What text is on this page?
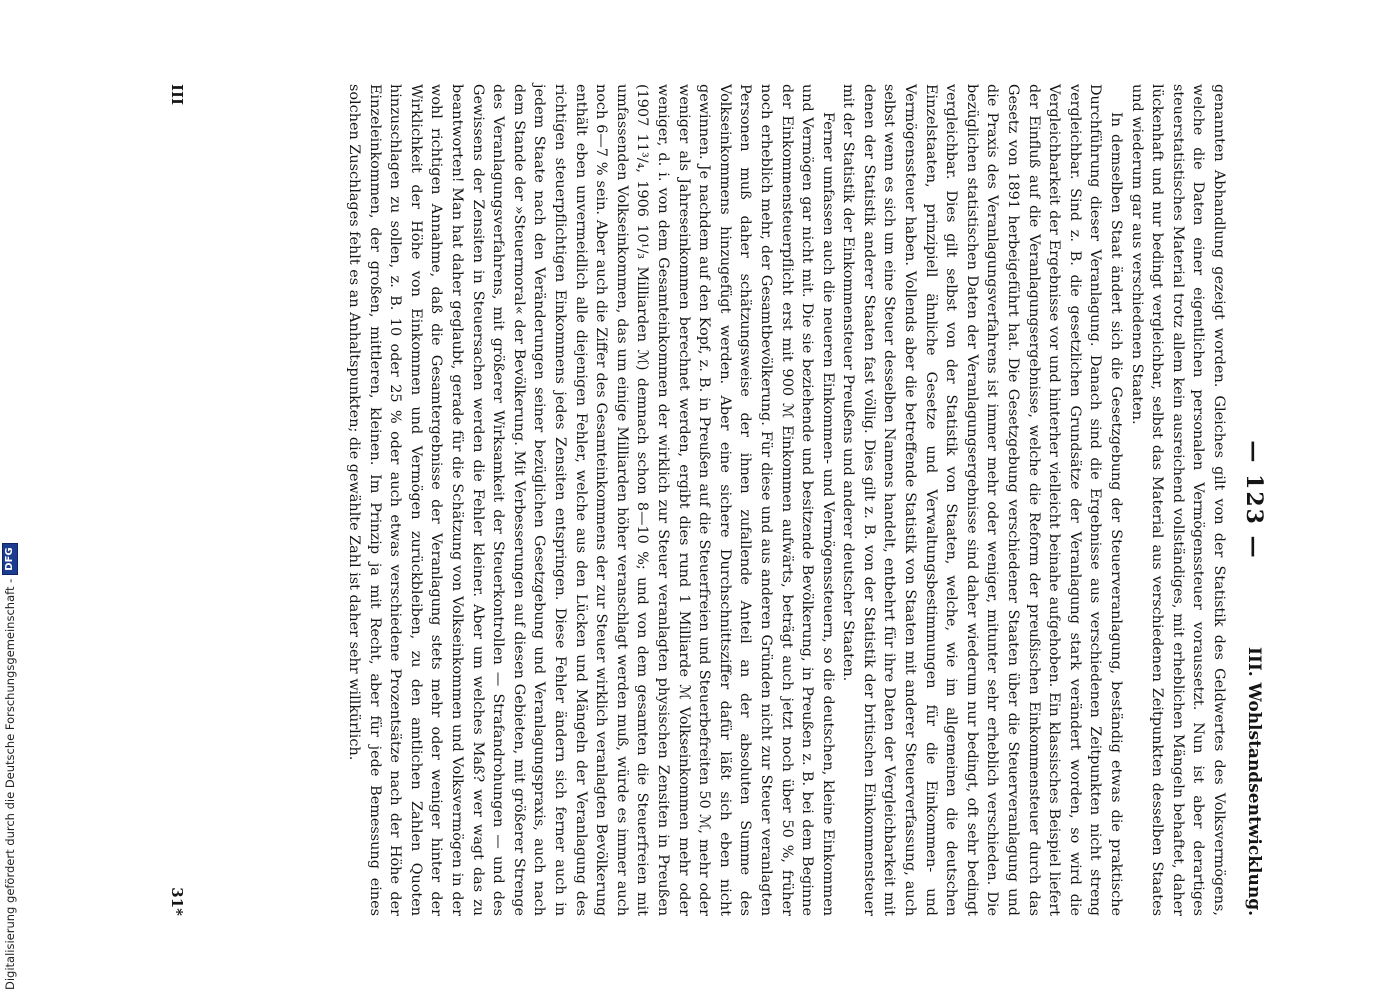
— 123 —
III. Wohlstandsentwicklung.

genannten Abhandlung gezeigt worden. Gleiches gilt von der Statistik des Geldwertes des Volksvermögens, welche die Daten einer eigentlichen personalen Vermögenssteuer voraussetzt. Nun ist aber derartiges steuerstatistisches Material trotz allem kein ausreichend vollständiges, mit erheblichen Mängeln behaftet, daher lückenhaft und nur bedingt vergleichbar, selbst das Material aus verschiedenen Zeitpunkten desselben Staates und wiederum gar aus verschiedenen Staaten.

In demselben Staat ändert sich die Gesetzgebung der Steuerveranlagung, beständig etwas die praktische Durchführung dieser Veranlagung. Danach sind die Ergebnisse aus verschiedenen Zeitpunkten nicht streng vergleichbar. Sind z. B. die gesetzlichen Grundsätze der Veranlagung stark verändert worden, so wird die Vergleichbarkeit der Ergebnisse vor und hinterher vielleicht beinahe aufgehoben. Ein klassisches Beispiel liefert der Einfluß auf die Veranlagungsergebnisse, welche die Reform der preußischen Einkommensteuer durch das Gesetz von 1891 herbeigeführt hat. Die Gesetzgebung verschiedener Staaten über die Steuerveranlagung und die Praxis des Veranlagungsverfahrens ist immer mehr oder weniger, mitunter sehr erheblich verschieden. Die bezüglichen statistischen Daten der Veranlagungsergebnisse sind daher wiederum nur bedingt, oft sehr bedingt vergleichbar. Dies gilt selbst von der Statistik von Staaten, welche, wie im allgemeinen die deutschen Einzelstaaten, prinzipiell ähnliche Gesetze und Verwaltungsbestimmungen für die Einkommen- und Vermögenssteuer haben. Vollends aber die betreffende Statistik von Staaten mit anderer Steuerverfassung, auch selbst wenn es sich um eine Steuer desselben Namens handelt, entbehrt für ihre Daten der Vergleichbarkeit mit denen der Statistik anderer Staaten fast völlig. Dies gilt z. B. von der Statistik der britischen Einkommensteuer mit der Statistik der Einkommensteuer Preußens und anderer deutscher Staaten.

Ferner umfassen auch die neueren Einkommen- und Vermögenssteuern, so die deutschen, kleine Einkommen und Vermögen gar nicht mit. Die sie beziehende und besitzende Bevölkerung, in Preußen z. B. bei dem Beginne der Einkommensteuerpflicht erst mit 900 ℳ Einkommen aufwärts, beträgt auch jetzt noch über 50 %, früher noch erheblich mehr, der Gesamtbevölkerung. Für diese und aus anderen Gründen nicht zur Steuer veranlagten Personen muß daher schätzungsweise der ihnen zufallende Anteil an der absoluten Summe des Volkseinkommens hinzugefügt werden. Aber eine sichere Durchschnittsziffer dafür läßt sich eben nicht gewinnen. Je nachdem auf den Kopf, z. B. in Preußen auf die Steuerfreien und Steuerbefreiten 50 ℳ, mehr oder weniger als Jahreseinkommen berechnet werden, ergibt dies rund 1 Milliarde ℳ Volkseinkommen mehr oder weniger, d. i. von dem Gesamteinkommen der wirklich zur Steuer veranlagten physischen Zensiten in Preußen (1907 11³/₄, 1906 10¹/₃ Milliarden ℳ) demnach schon 8—10 %; und von dem gesamten die Steuerfreien mit umfassenden Volkseinkommen, das um einige Milliarden höher veranschlagt werden muß, würde es immer auch noch 6—7 % sein. Aber auch die Ziffer des Gesamteinkommens der zur Steuer wirklich veranlagten Bevölkerung enthält eben unvermeidlich alle diejenigen Fehler, welche aus den Lücken und Mängeln der Veranlagung des richtigen steuerpflichtigen Einkommens jedes Zensiten entspringen. Diese Fehler ändern sich ferner auch in jedem Staate nach den Veränderungen seiner bezüglichen Gesetzgebung und Veranlagungspraxis, auch nach dem Stande der »Steuermoral« der Bevölkerung. Mit Verbesserungen auf diesen Gebieten, mit größerer Strenge des Veranlagungsverfahrens, mit größerer Wirksamkeit der Steuerkontrollen — Strafandrohungen — und des Gewissens der Zensiten in Steuersachen werden die Fehler kleiner. Aber um welches Maß? wer wagt das zu beantworten! Man hat daher geglaubt, gerade für die Schätzung von Volkseinkommen und Volksvermögen in der wohl richtigen Annahme, daß die Gesamtergebnisse der Veranlagung stets mehr oder weniger hinter der Wirklichkeit der Höhe von Einkommen und Vermögen zurückbleiben, zu den amtlichen Zahlen Quoten hinzuschlagen zu sollen, z. B. 10 oder 25 % oder auch etwas verschiedene Prozentsätze nach der Höhe der Einzeleinkommen, der großen, mittleren, kleinen. Im Prinzip ja mit Recht, aber für jede Bemessung eines solchen Zuschlages fehlt es an Anhaltspunkten; die gewählte Zahl ist daher sehr willkürlich.

III
31*
Digitalisierung gefördert durch die Deutsche Forschungsgemeinschaft -
DFG
